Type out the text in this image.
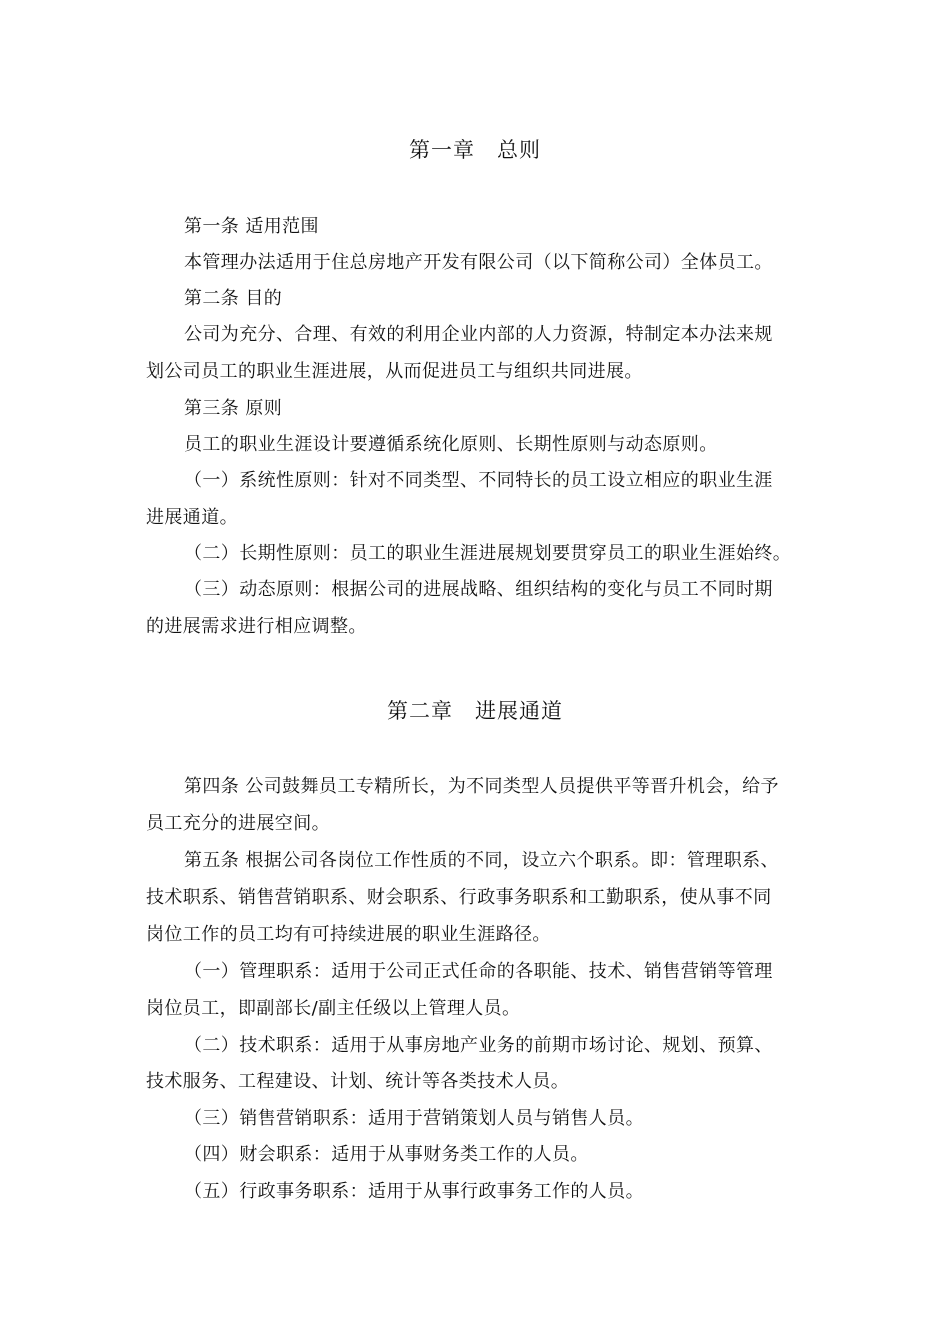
第一章　总则
第一条 适用范围
本管理办法适用于住总房地产开发有限公司（以下简称公司）全体员工。
第二条 目的
公司为充分、合理、有效的利用企业内部的人力资源，特制定本办法来规
划公司员工的职业生涯进展，从而促进员工与组织共同进展。
第三条 原则
员工的职业生涯设计要遵循系统化原则、长期性原则与动态原则。
（一）系统性原则：针对不同类型、不同特长的员工设立相应的职业生涯
进展通道。
（二）长期性原则：员工的职业生涯进展规划要贯穿员工的职业生涯始终。
（三）动态原则：根据公司的进展战略、组织结构的变化与员工不同时期
的进展需求进行相应调整。
第二章　进展通道
第四条 公司鼓舞员工专精所长，为不同类型人员提供平等晋升机会，给予
员工充分的进展空间。
第五条 根据公司各岗位工作性质的不同，设立六个职系。即：管理职系、
技术职系、销售营销职系、财会职系、行政事务职系和工勤职系，使从事不同
岗位工作的员工均有可持续进展的职业生涯路径。
（一）管理职系：适用于公司正式任命的各职能、技术、销售营销等管理
岗位员工，即副部长/副主任级以上管理人员。
（二）技术职系：适用于从事房地产业务的前期市场讨论、规划、预算、
技术服务、工程建设、计划、统计等各类技术人员。
（三）销售营销职系：适用于营销策划人员与销售人员。
（四）财会职系：适用于从事财务类工作的人员。
（五）行政事务职系：适用于从事行政事务工作的人员。
